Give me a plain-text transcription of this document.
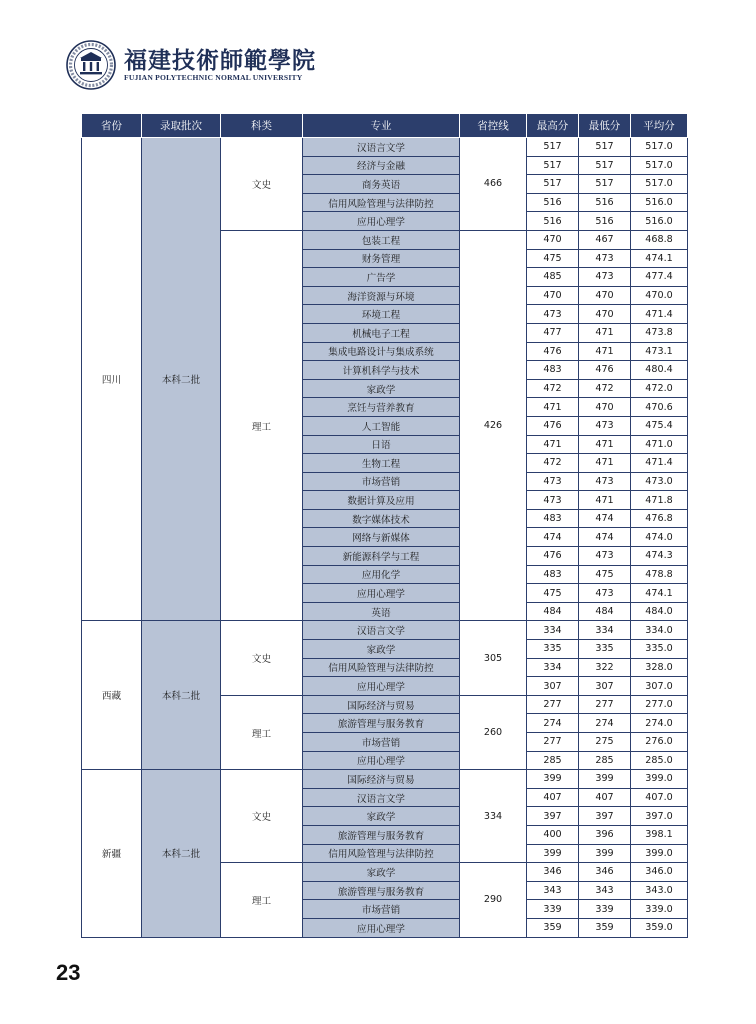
福建技術師範學院
FUJIAN POLYTECHNIC NORMAL UNIVERSITY
省份	录取批次	科类	专业	省控线	最高分	最低分	平均分
四川	本科二批	文史	汉语言文学	466	517	517	517.0
			经济与金融		517	517	517.0
			商务英语		517	517	517.0
			信用风险管理与法律防控		516	516	516.0
			应用心理学		516	516	516.0
		理工	包装工程	426	470	467	468.8
			财务管理		475	473	474.1
			广告学		485	473	477.4
			海洋资源与环境		470	470	470.0
			环境工程		473	470	471.4
			机械电子工程		477	471	473.8
			集成电路设计与集成系统		476	471	473.1
			计算机科学与技术		483	476	480.4
			家政学		472	472	472.0
			烹饪与营养教育		471	470	470.6
			人工智能		476	473	475.4
			日语		471	471	471.0
			生物工程		472	471	471.4
			市场营销		473	473	473.0
			数据计算及应用		473	471	471.8
			数字媒体技术		483	474	476.8
			网络与新媒体		474	474	474.0
			新能源科学与工程		476	473	474.3
			应用化学		483	475	478.8
			应用心理学		475	473	474.1
			英语		484	484	484.0
西藏	本科二批	文史	汉语言文学	305	334	334	334.0
			家政学		335	335	335.0
			信用风险管理与法律防控		334	322	328.0
			应用心理学		307	307	307.0
		理工	国际经济与贸易	260	277	277	277.0
			旅游管理与服务教育		274	274	274.0
			市场营销		277	275	276.0
			应用心理学		285	285	285.0
新疆	本科二批	文史	国际经济与贸易	334	399	399	399.0
			汉语言文学		407	407	407.0
			家政学		397	397	397.0
			旅游管理与服务教育		400	396	398.1
			信用风险管理与法律防控		399	399	399.0
		理工	家政学	290	346	346	346.0
			旅游管理与服务教育		343	343	343.0
			市场营销		339	339	339.0
			应用心理学		359	359	359.0
23
